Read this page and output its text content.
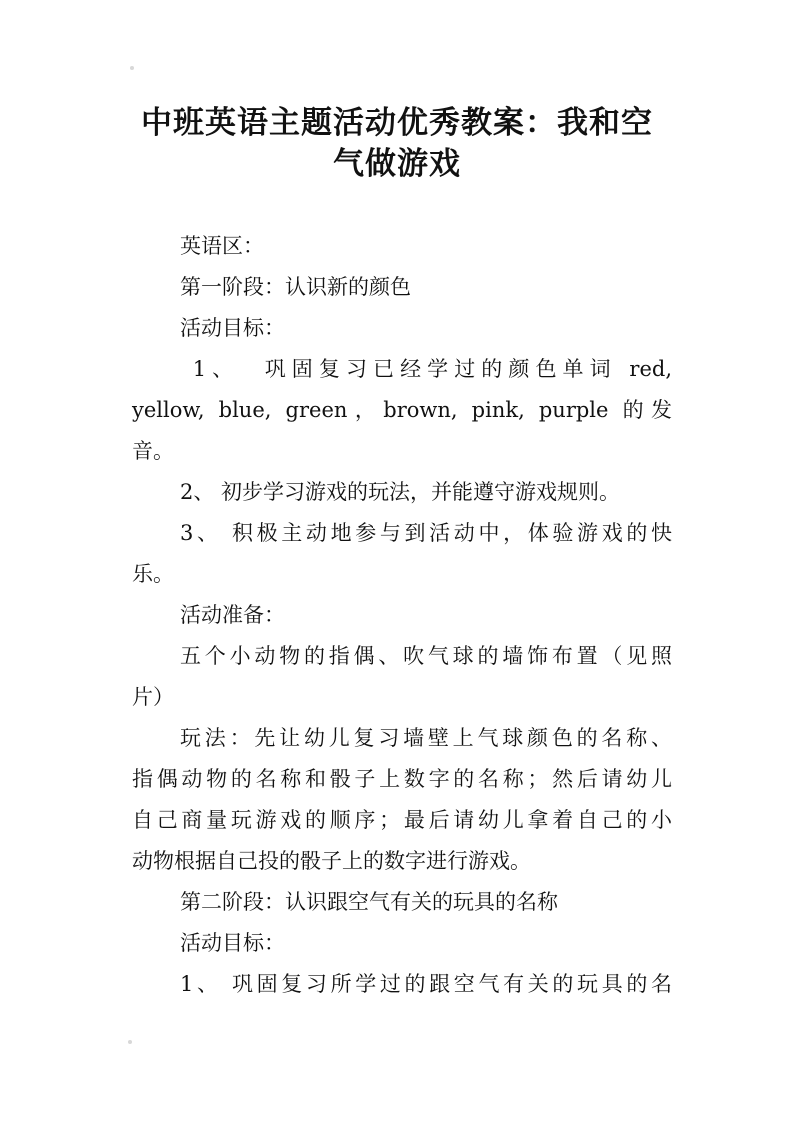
中班英语主题活动优秀教案：我和空
气做游戏

英语区：

第一阶段：认识新的颜色

活动目标：

1、  巩固复习已经学过的颜色单词 red,

yellow, blue, green，brown, pink, purple 的发

音。

2、 初步学习游戏的玩法，并能遵守游戏规则。

3、 积极主动地参与到活动中，体验游戏的快

乐。

活动准备：

五个小动物的指偶、吹气球的墙饰布置（见照

片）

玩法：先让幼儿复习墙壁上气球颜色的名称、

指偶动物的名称和骰子上数字的名称；然后请幼儿

自己商量玩游戏的顺序；最后请幼儿拿着自己的小

动物根据自己投的骰子上的数字进行游戏。

第二阶段：认识跟空气有关的玩具的名称

活动目标：

1、 巩固复习所学过的跟空气有关的玩具的名
